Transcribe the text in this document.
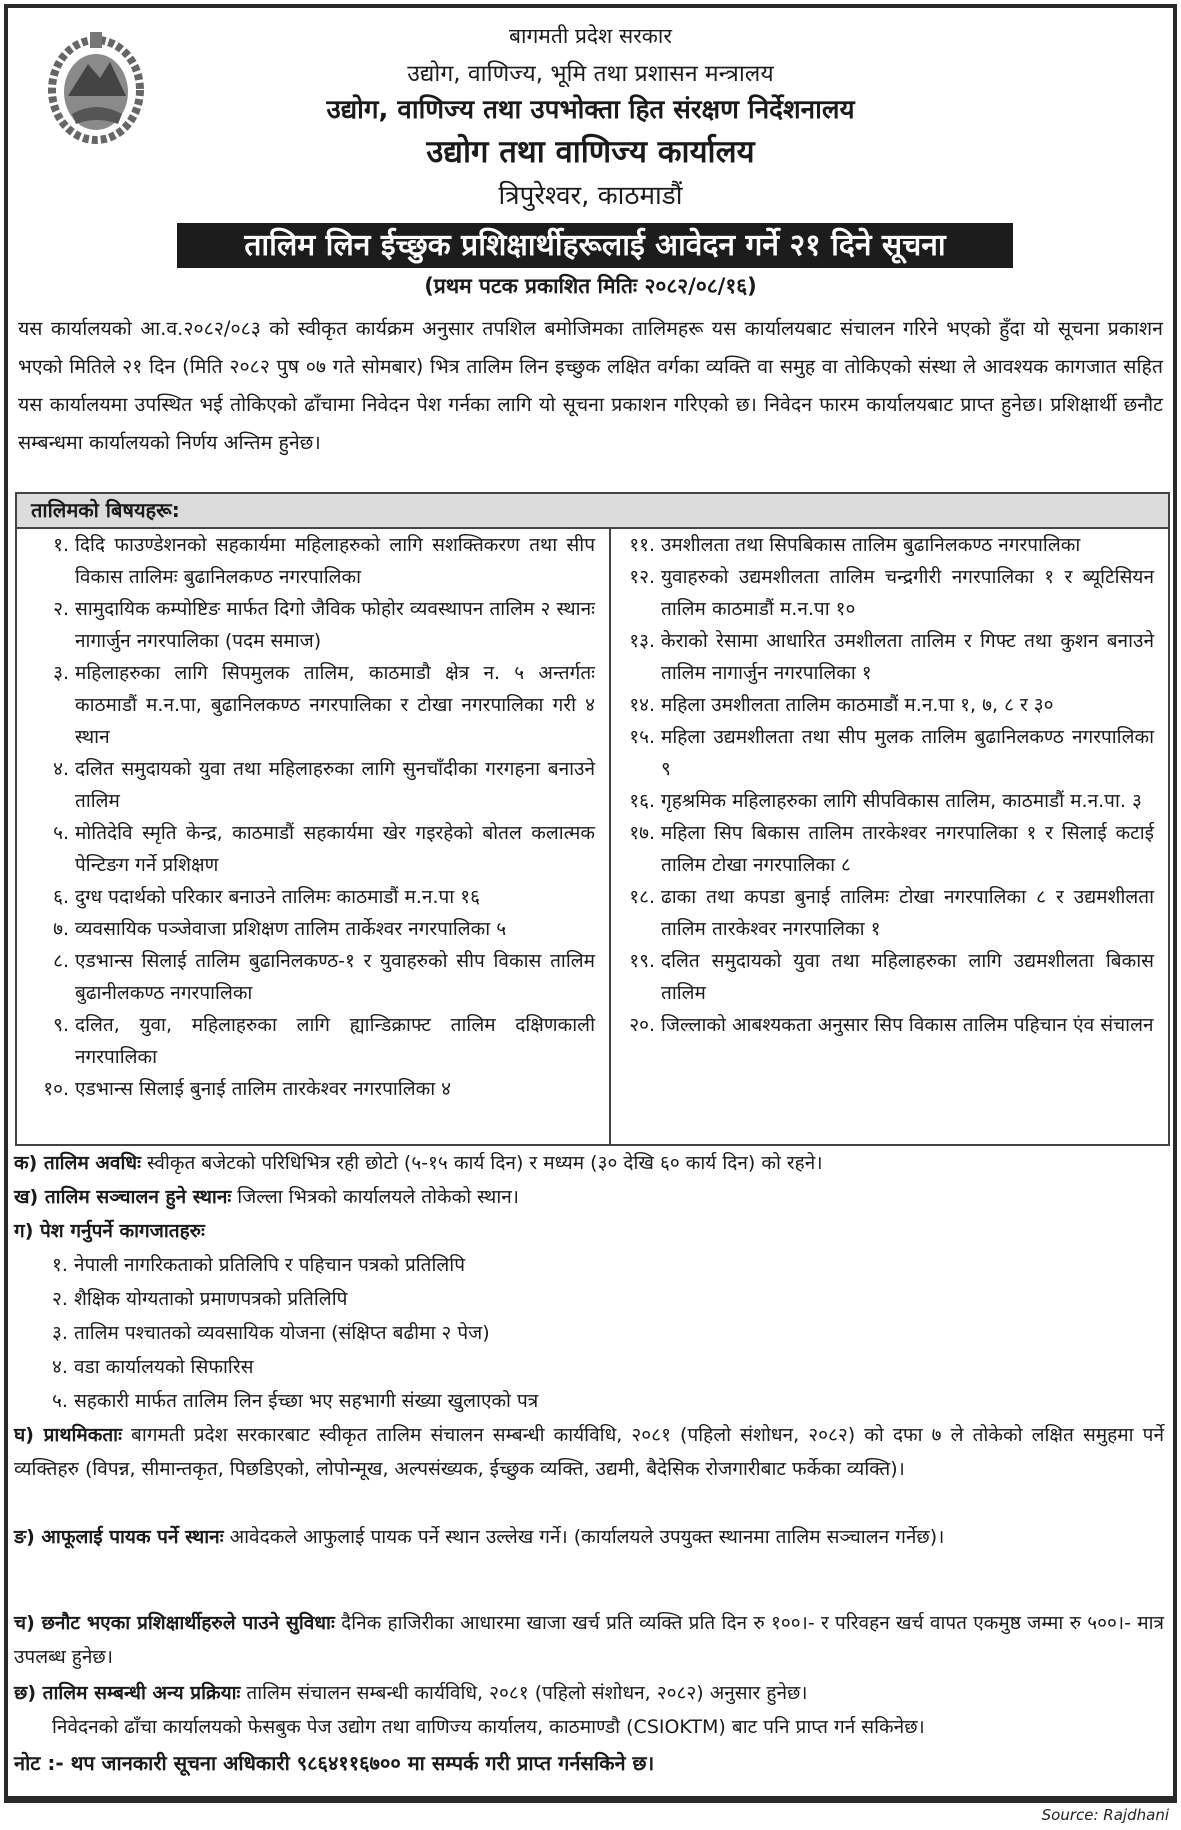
बागमती प्रदेश सरकार
उद्योग, वाणिज्य, भूमि तथा प्रशासन मन्त्रालय
उद्योग, वाणिज्य तथा उपभोक्ता हित संरक्षण निर्देशनालय
उद्योग तथा वाणिज्य कार्यालय
त्रिपुरेश्वर, काठमाडौं
तालिम लिन ईच्छुक प्रशिक्षार्थीहरूलाई आवेदन गर्ने २१ दिने सूचना
(प्रथम पटक प्रकाशित मितिः २०८२/०८/१६)
यस कार्यालयको आ.व.२०८२/०८३ को स्वीकृत कार्यक्रम अनुसार तपशिल बमोजिमका तालिमहरू यस कार्यालयबाट संचालन गरिने भएको हुँदा यो सूचना प्रकाशन भएको मितिले २१ दिन (मिति २०८२ पुष ०७ गते सोमबार) भित्र तालिम लिन इच्छुक लक्षित वर्गका व्यक्ति वा समुह वा तोकिएको संस्था ले आवश्यक कागजात सहित यस कार्यालयमा उपस्थित भई तोकिएको ढाँचामा निवेदन पेश गर्नका लागि यो सूचना प्रकाशन गरिएको छ। निवेदन फारम कार्यालयबाट प्राप्त हुनेछ। प्रशिक्षार्थी छनौट सम्बन्धमा कार्यालयको निर्णय अन्तिम हुनेछ।
तालिमको बिषयहरू:
१. दिदि फाउण्डेशनको सहकार्यमा महिलाहरुको लागि सशक्तिकरण तथा सीप विकास तालिमः बुढानिलकण्ठ नगरपालिका
२. सामुदायिक कम्पोष्टिङ मार्फत दिगो जैविक फोहोर व्यवस्थापन तालिम २ स्थानः नागार्जुन नगरपालिका (पदम समाज)
३. महिलाहरुका लागि सिपमुलक तालिम, काठमाडौ क्षेत्र न. ५ अन्तर्गतः काठमाडौं म.न.पा, बुढानिलकण्ठ नगरपालिका र टोखा नगरपालिका गरी ४ स्थान
४. दलित समुदायको युवा तथा महिलाहरुका लागि सुनचाँदीका गरगहना बनाउने तालिम
५. मोतिदेवि स्मृति केन्द्र, काठमाडौं सहकार्यमा खेर गइरहेको बोतल कलात्मक पेन्टिङग गर्ने प्रशिक्षण
६. दुग्ध पदार्थको परिकार बनाउने तालिमः काठमाडौं म.न.पा १६
७. व्यवसायिक पञ्जेवाजा प्रशिक्षण तालिम तार्केश्वर नगरपालिका ५
८. एडभान्स सिलाई तालिम बुढानिलकण्ठ-१ र युवाहरुको सीप विकास तालिम बुढानीलकण्ठ नगरपालिका
९. दलित, युवा, महिलाहरुका लागि ह्यान्डिक्राफ्ट तालिम दक्षिणकाली नगरपालिका
१०. एडभान्स सिलाई बुनाई तालिम तारकेश्वर नगरपालिका ४
११. उमशीलता तथा सिपबिकास तालिम बुढानिलकण्ठ नगरपालिका
१२. युवाहरुको उद्यमशीलता तालिम चन्द्रगीरी नगरपालिका १ र ब्यूटिसियन तालिम काठमाडौं म.न.पा १०
१३. केराको रेसामा आधारित उमशीलता तालिम र गिफ्ट तथा कुशन बनाउने तालिम नागार्जुन नगरपालिका १
१४. महिला उमशीलता तालिम काठमाडौं म.न.पा १, ७, ८ र ३०
१५. महिला उद्यमशीलता तथा सीप मुलक तालिम बुढानिलकण्ठ नगरपालिका ९
१६. गृहश्रमिक महिलाहरुका लागि सीपविकास तालिम, काठमाडौं म.न.पा. ३
१७. महिला सिप बिकास तालिम तारकेश्वर नगरपालिका १ र सिलाई कटाई तालिम टोखा नगरपालिका ८
१८. ढाका तथा कपडा बुनाई तालिमः टोखा नगरपालिका ८ र उद्यमशीलता तालिम तारकेश्वर नगरपालिका १
१९. दलित समुदायको युवा तथा महिलाहरुका लागि उद्यमशीलता बिकास तालिम
२०. जिल्लाको आबश्यकता अनुसार सिप विकास तालिम पहिचान एंव संचालन
क) तालिम अवधिः स्वीकृत बजेटको परिधिभित्र रही छोटो (५-१५ कार्य दिन) र मध्यम (३० देखि ६० कार्य दिन) को रहने।
ख) तालिम सञ्चालन हुने स्थानः जिल्ला भित्रको कार्यालयले तोकेको स्थान।
ग) पेश गर्नुपर्ने कागजातहरुः
१. नेपाली नागरिकताको प्रतिलिपि र पहिचान पत्रको प्रतिलिपि
२. शैक्षिक योग्यताको प्रमाणपत्रको प्रतिलिपि
३. तालिम पश्चातको व्यवसायिक योजना (संक्षिप्त बढीमा २ पेज)
४. वडा कार्यालयको सिफारिस
५. सहकारी मार्फत तालिम लिन ईच्छा भए सहभागी संख्या खुलाएको पत्र
घ) प्राथमिकताः बागमती प्रदेश सरकारबाट स्वीकृत तालिम संचालन सम्बन्धी कार्यविधि, २०८१ (पहिलो संशोधन, २०८२) को दफा ७ ले तोकेको लक्षित समुहमा पर्ने व्यक्तिहरु (विपन्न, सीमान्तकृत, पिछडिएको, लोपोन्मूख, अल्पसंख्यक, ईच्छुक व्यक्ति, उद्यमी, बैदेसिक रोजगारीबाट फर्केका व्यक्ति)।
ङ) आफूलाई पायक पर्ने स्थानः आवेदकले आफुलाई पायक पर्ने स्थान उल्लेख गर्ने। (कार्यालयले उपयुक्त स्थानमा तालिम सञ्चालन गर्नेछ)।
च) छनौट भएका प्रशिक्षार्थीहरुले पाउने सुविधाः दैनिक हाजिरीका आधारमा खाजा खर्च प्रति व्यक्ति प्रति दिन रु १००।- र परिवहन खर्च वापत एकमुष्ठ जम्मा रु ५००।- मात्र उपलब्ध हुनेछ।
छ) तालिम सम्बन्धी अन्य प्रक्रियाः तालिम संचालन सम्बन्धी कार्यविधि, २०८१ (पहिलो संशोधन, २०८२) अनुसार हुनेछ।
निवेदनको ढाँचा कार्यालयको फेसबुक पेज उद्योग तथा वाणिज्य कार्यालय, काठमाण्डौ (CSIOKTM) बाट पनि प्राप्त गर्न सकिनेछ।
नोट :- थप जानकारी सूचना अधिकारी ९८६४११६७०० मा सम्पर्क गरी प्राप्त गर्नसकिने छ।
Source: Rajdhani
